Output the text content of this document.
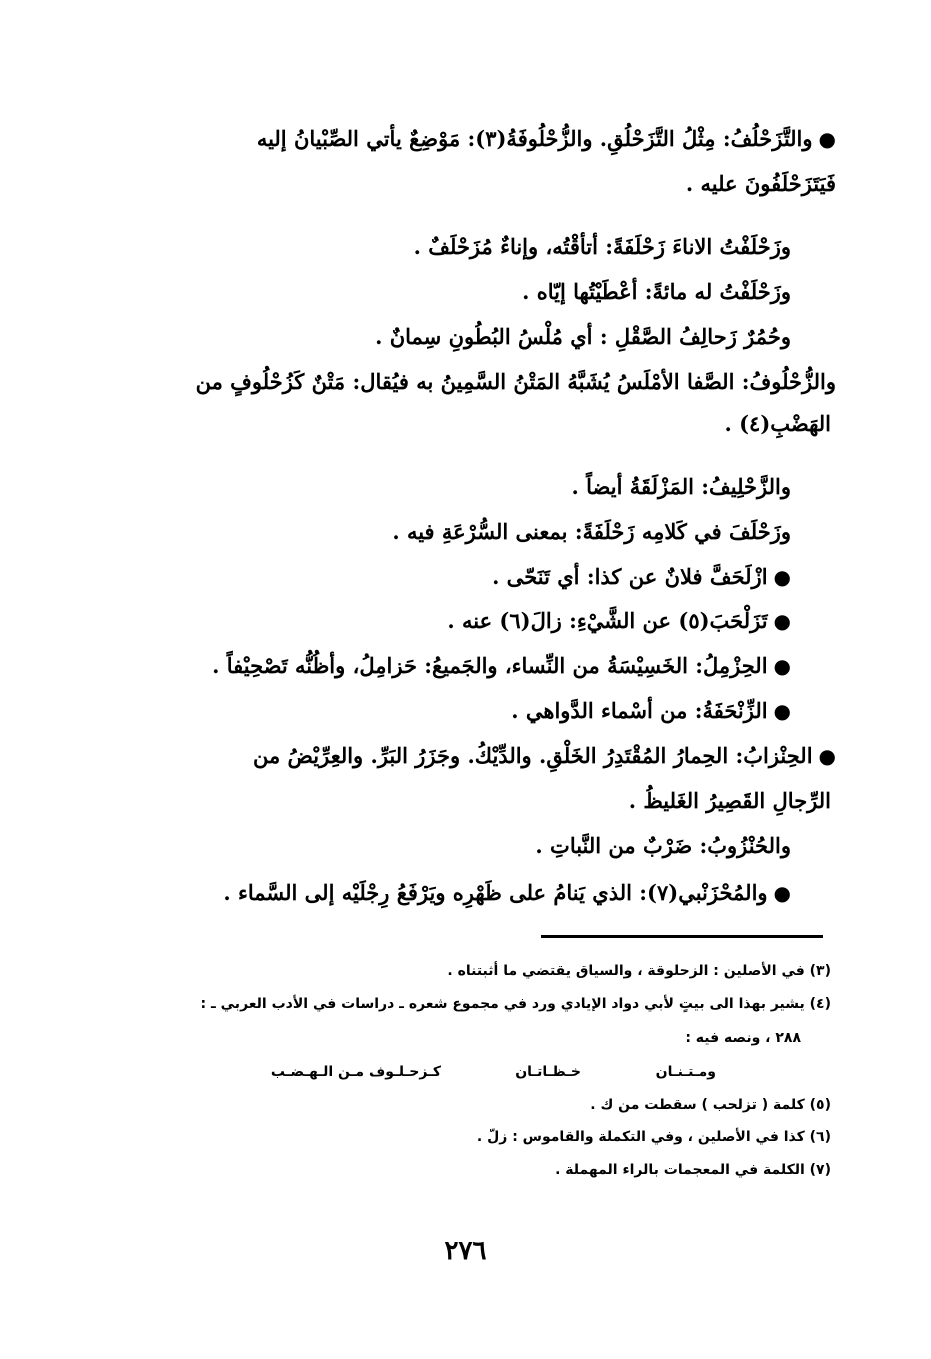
●والتَّزَحْلُفُ: مِثْلُ التَّزَحْلُقِ. والزُّحْلُوفَةُ(٣): مَوْضِعٌ يأتي الصِّبْيانُ إليه
فَيَتَزَحْلَفُونَ عليه .
وزَحْلَفْتُ الاناءَ زَحْلَفَةً: أتأقْتُه، وإناءٌ مُزَحْلَفٌ .
وزَحْلَفْتُ له مائةً: أعْطَيْتُها إيّاه .
وحُمُرٌ زَحالِفُ الصَّقْلِ : أي مُلْسُ البُطُونِ سِمانٌ .
والزُّحْلُوفُ: الصَّفا الأمْلَسُ يُشَبَّهُ المَتْنُ السَّمِينُ به فيُقال: مَتْنٌ كَزُحْلُوفٍ من
الهَضْبِ(٤) .
والزَّحْلِيفُ: المَزْلَقَةُ أيضاً .
وزَحْلَفَ في كَلامِه زَحْلَفَةً: بمعنى السُّرْعَةِ فيه .
●ازْلَحَفَّ فلانٌ عن كذا: أي تَنَحّى .
●تَزَلْحَبَ(٥) عن الشَّيْءِ: زالَ(٦) عنه .
●الحِزْمِلُ: الخَسِيْسَةُ من النِّساء، والجَميعُ: حَزامِلُ، وأظُنُّه تَصْحِيْفاً .
●الزِّنْحَفَةُ: من أسْماء الدَّواهي .
●الحِنْزابُ: الحِمارُ المُقْتَدِرُ الخَلْقِ. والدِّيْكُ. وجَزَرُ البَرِّ. والعِرِّيْضُ من
الرِّجالِ القَصِيرُ الغَليظُ .
والحُنْزُوبُ: ضَرْبٌ من النَّباتِ .
●والمُحْزَنْبي(٧): الذي يَنامُ على ظَهْرِه ويَرْفَعُ رِجْلَيْه إلى السَّماء .
(٣) في الأصلين : الزحلوقة ، والسياق يقتضي ما أثبتناه .
(٤) يشير بهذا الى بيتٍ لأبي دواد الإيادي ورد في مجموع شعره ـ دراسات في الأدب العربي ـ :
٢٨٨ ، ونصه فيه :
ومـتـنـان
خـظـاتـان
كـزحـلـوف مـن الـهـضـب
(٥) كلمة ( تزلحب ) سقطت من ك .
(٦) كذا في الأصلين ، وفي التكملة والقاموس : زلّ .
(٧) الكلمة في المعجمات بالراء المهملة .
٢٧٦
